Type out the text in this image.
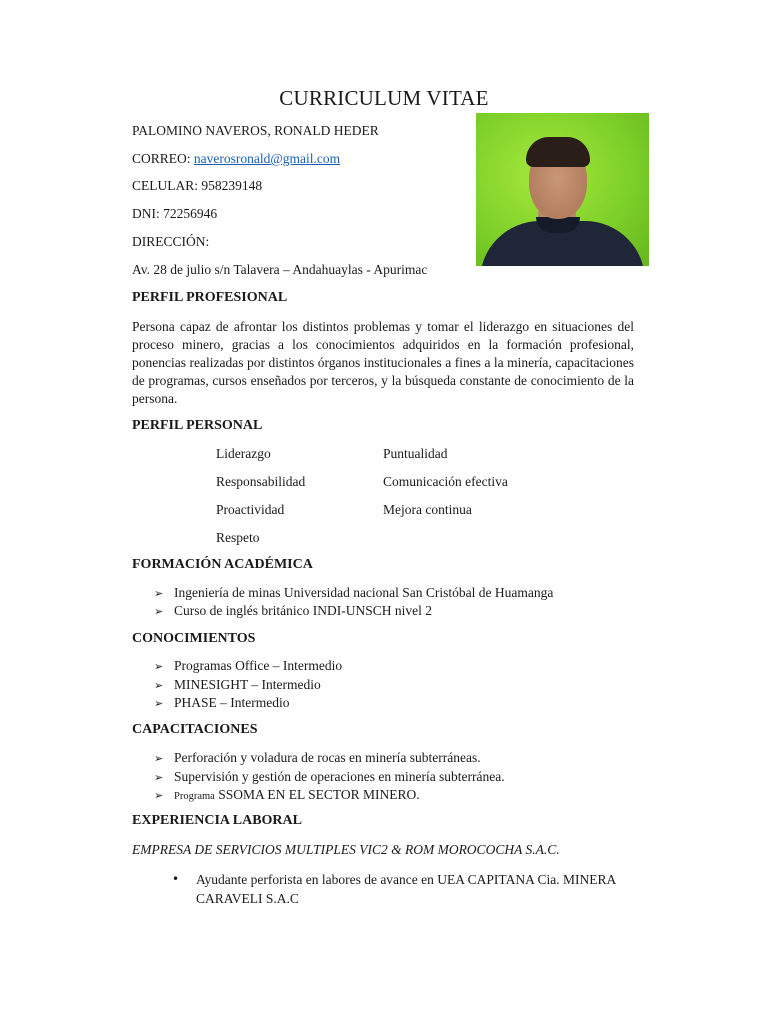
CURRICULUM VITAE
PALOMINO NAVEROS, RONALD HEDER
CORREO: naverosronald@gmail.com
CELULAR: 958239148
DNI: 72256946
DIRECCIÓN:
Av. 28 de julio s/n Talavera – Andahuaylas - Apurimac
PERFIL PROFESIONAL
Persona capaz de afrontar los distintos problemas y tomar el liderazgo en situaciones del proceso minero, gracias a los conocimientos adquiridos en la formación profesional, ponencias realizadas por distintos órganos institucionales a fines a la minería, capacitaciones de programas, cursos enseñados por terceros, y la búsqueda constante de conocimiento de la persona.
PERFIL PERSONAL
Liderazgo	Puntualidad
Responsabilidad	Comunicación efectiva
Proactividad	Mejora continua
Respeto
FORMACIÓN ACADÉMICA
➢ Ingeniería de minas Universidad nacional San Cristóbal de Huamanga
➢ Curso de inglés británico INDI-UNSCH nivel 2
CONOCIMIENTOS
➢ Programas Office – Intermedio
➢ MINESIGHT – Intermedio
➢ PHASE – Intermedio
CAPACITACIONES
➢ Perforación y voladura de rocas en minería subterráneas.
➢ Supervisión y gestión de operaciones en minería subterránea.
➢ Programa SSOMA EN EL SECTOR MINERO.
EXPERIENCIA LABORAL
EMPRESA DE SERVICIOS MULTIPLES VIC2 & ROM MOROCOCHA S.A.C.
• Ayudante perforista en labores de avance en UEA CAPITANA Cia. MINERA CARAVELI S.A.C
